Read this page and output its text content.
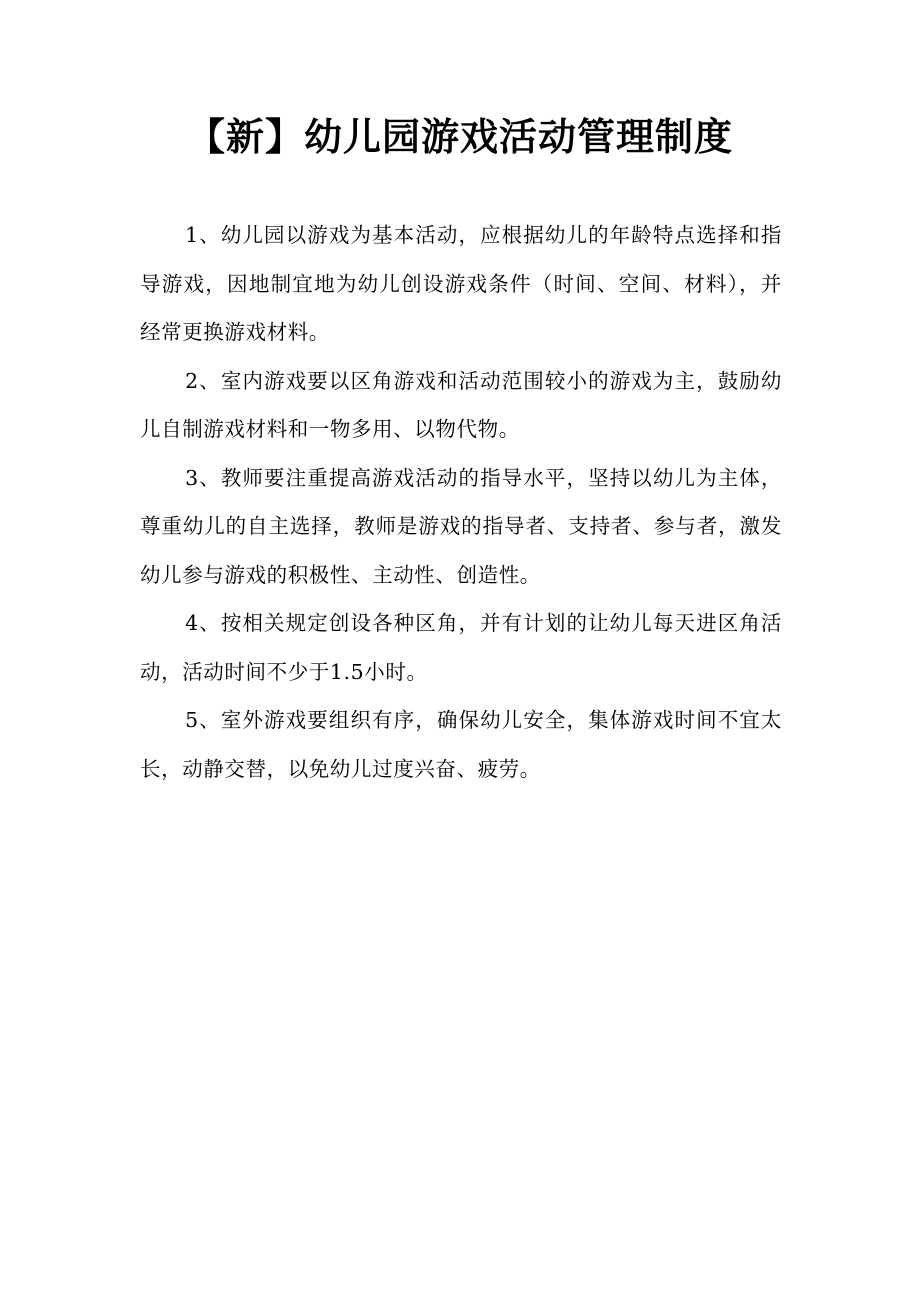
【新】幼儿园游戏活动管理制度

1、幼儿园以游戏为基本活动，应根据幼儿的年龄特点选择和指导游戏，因地制宜地为幼儿创设游戏条件（时间、空间、材料），并经常更换游戏材料。

2、室内游戏要以区角游戏和活动范围较小的游戏为主，鼓励幼儿自制游戏材料和一物多用、以物代物。

3、教师要注重提高游戏活动的指导水平，坚持以幼儿为主体，尊重幼儿的自主选择，教师是游戏的指导者、支持者、参与者，激发幼儿参与游戏的积极性、主动性、创造性。

4、按相关规定创设各种区角，并有计划的让幼儿每天进区角活动，活动时间不少于1.5小时。

5、室外游戏要组织有序，确保幼儿安全，集体游戏时间不宜太长，动静交替，以免幼儿过度兴奋、疲劳。
